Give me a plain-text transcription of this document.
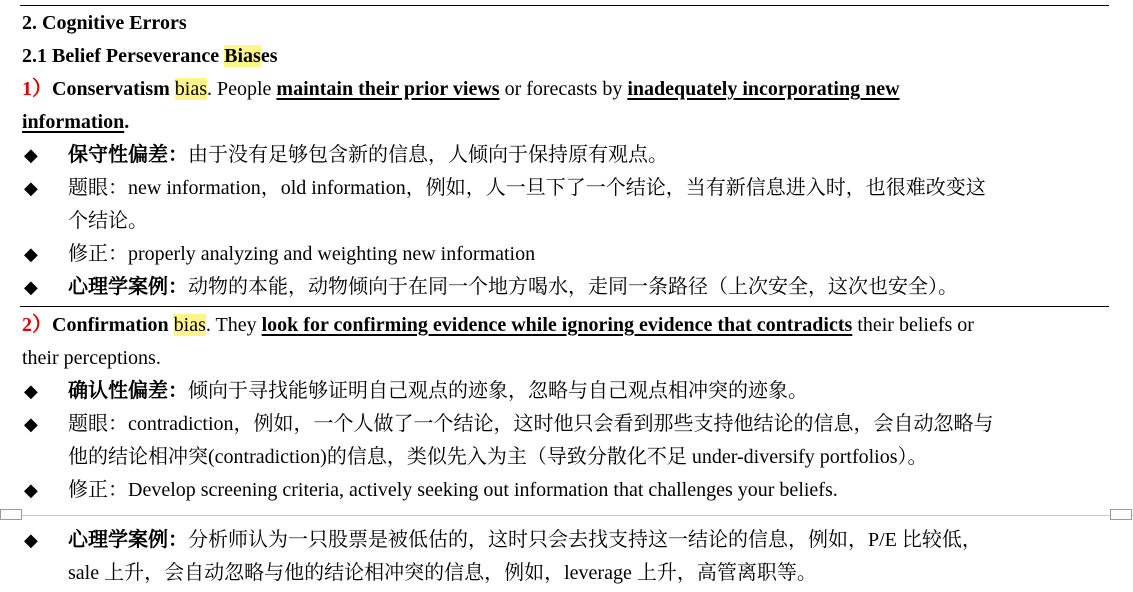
2. Cognitive Errors
2.1 Belief Perseverance Biases
1）Conservatism bias. People maintain their prior views or forecasts by inadequately incorporating new
information.
◆ 保守性偏差：由于没有足够包含新的信息，人倾向于保持原有观点。
◆ 题眼：new information，old information，例如，人一旦下了一个结论，当有新信息进入时，也很难改变这
个结论。
◆ 修正：properly analyzing and weighting new information
◆ 心理学案例：动物的本能，动物倾向于在同一个地方喝水，走同一条路径（上次安全，这次也安全）。
2）Confirmation bias. They look for confirming evidence while ignoring evidence that contradicts their beliefs or
their perceptions.
◆ 确认性偏差：倾向于寻找能够证明自己观点的迹象，忽略与自己观点相冲突的迹象。
◆ 题眼：contradiction，例如，一个人做了一个结论，这时他只会看到那些支持他结论的信息，会自动忽略与
他的结论相冲突(contradiction)的信息，类似先入为主（导致分散化不足 under-diversify portfolios）。
◆ 修正：Develop screening criteria, actively seeking out information that challenges your beliefs.
◆ 心理学案例：分析师认为一只股票是被低估的，这时只会去找支持这一结论的信息，例如，P/E 比较低，
sale 上升，会自动忽略与他的结论相冲突的信息，例如，leverage 上升，高管离职等。
